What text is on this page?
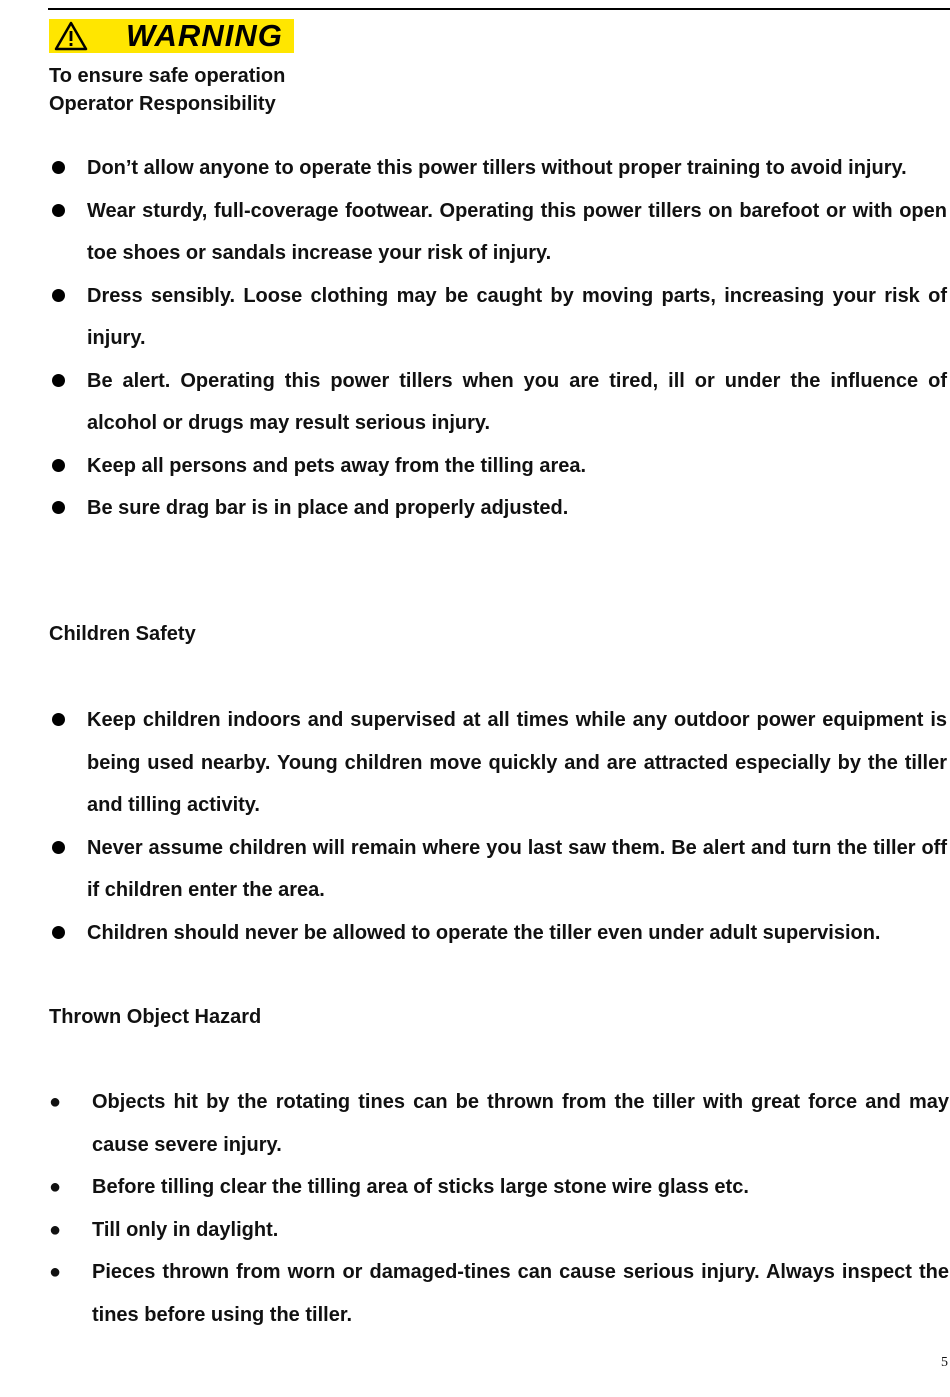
WARNING
To ensure safe operation
Operator Responsibility
Don’t allow anyone to operate this power tillers without proper training to avoid injury.
Wear sturdy, full-coverage footwear. Operating this power tillers on barefoot or with open toe shoes or sandals increase your risk of injury.
Dress sensibly. Loose clothing may be caught by moving parts, increasing your risk of injury.
Be alert. Operating this power tillers when you are tired, ill or under the influence of alcohol or drugs may result serious injury.
Keep all persons and pets away from the tilling area.
Be sure drag bar is in place and properly adjusted.
Children Safety
Keep children indoors and supervised at all times while any outdoor power equipment is being used nearby. Young children move quickly and are attracted especially by the tiller and tilling activity.
Never assume children will remain where you last saw them. Be alert and turn the tiller off if children enter the area.
Children should never be allowed to operate the tiller even under adult supervision.
Thrown Object Hazard
● Objects hit by the rotating tines can be thrown from the tiller with great force and may cause severe injury.
● Before tilling clear the tilling area of sticks large stone wire glass etc.
● Till only in daylight.
● Pieces thrown from worn or damaged-tines can cause serious injury. Always inspect the tines before using the tiller.
5
